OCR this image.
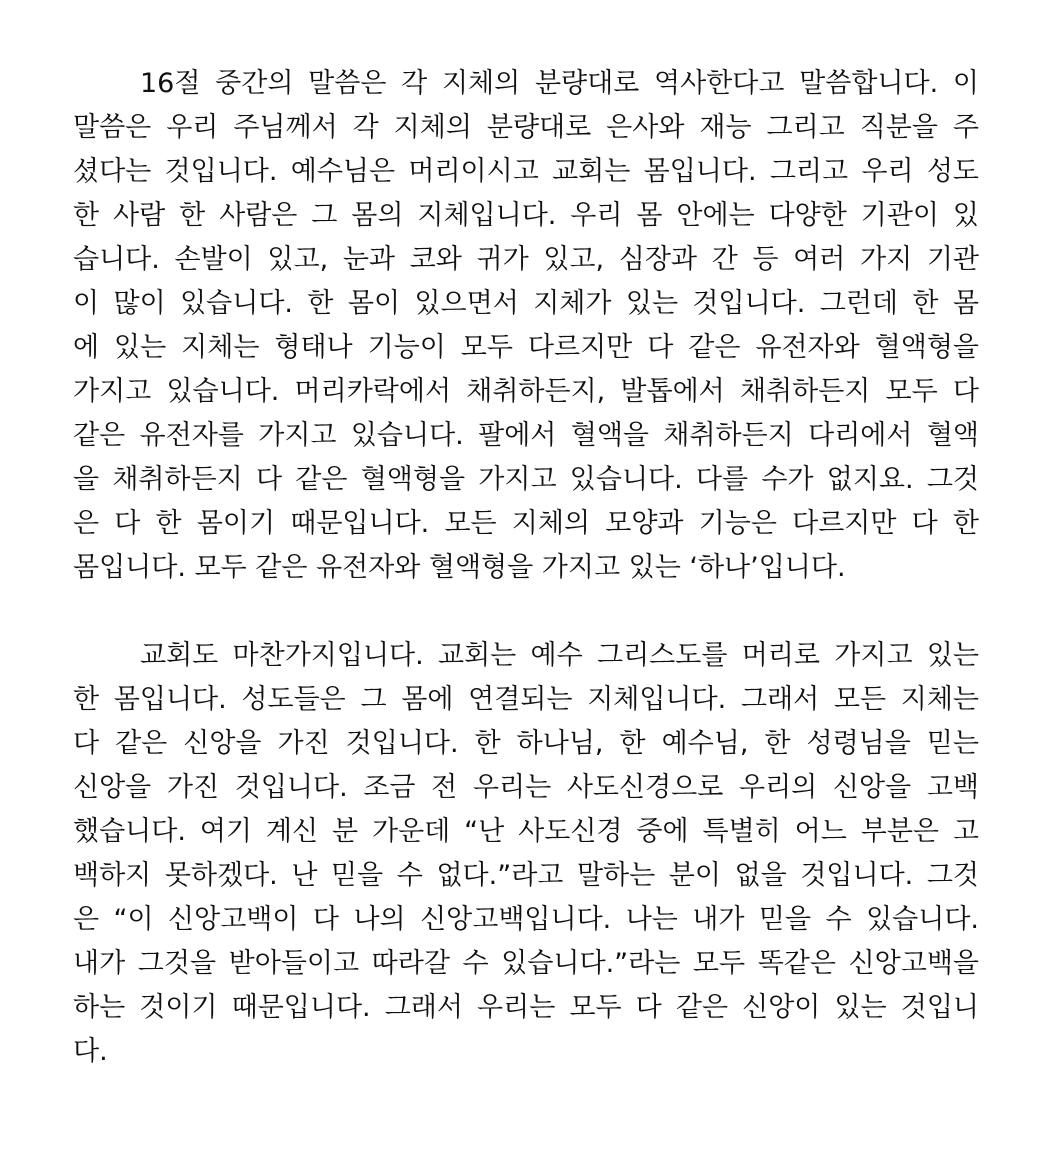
16절 중간의 말씀은 각 지체의 분량대로 역사한다고 말씀합니다. 이
말씀은 우리 주님께서 각 지체의 분량대로 은사와 재능 그리고 직분을 주
셨다는 것입니다. 예수님은 머리이시고 교회는 몸입니다. 그리고 우리 성도
한 사람 한 사람은 그 몸의 지체입니다. 우리 몸 안에는 다양한 기관이 있
습니다. 손발이 있고, 눈과 코와 귀가 있고, 심장과 간 등 여러 가지 기관
이 많이 있습니다. 한 몸이 있으면서 지체가 있는 것입니다. 그런데 한 몸
에 있는 지체는 형태나 기능이 모두 다르지만 다 같은 유전자와 혈액형을
가지고 있습니다. 머리카락에서 채취하든지, 발톱에서 채취하든지 모두 다
같은 유전자를 가지고 있습니다. 팔에서 혈액을 채취하든지 다리에서 혈액
을 채취하든지 다 같은 혈액형을 가지고 있습니다. 다를 수가 없지요. 그것
은 다 한 몸이기 때문입니다. 모든 지체의 모양과 기능은 다르지만 다 한
몸입니다. 모두 같은 유전자와 혈액형을 가지고 있는 ‘하나’입니다.
교회도 마찬가지입니다. 교회는 예수 그리스도를 머리로 가지고 있는
한 몸입니다. 성도들은 그 몸에 연결되는 지체입니다. 그래서 모든 지체는
다 같은 신앙을 가진 것입니다. 한 하나님, 한 예수님, 한 성령님을 믿는
신앙을 가진 것입니다. 조금 전 우리는 사도신경으로 우리의 신앙을 고백
했습니다. 여기 계신 분 가운데 “난 사도신경 중에 특별히 어느 부분은 고
백하지 못하겠다. 난 믿을 수 없다.”라고 말하는 분이 없을 것입니다. 그것
은 “이 신앙고백이 다 나의 신앙고백입니다. 나는 내가 믿을 수 있습니다.
내가 그것을 받아들이고 따라갈 수 있습니다.”라는 모두 똑같은 신앙고백을
하는 것이기 때문입니다. 그래서 우리는 모두 다 같은 신앙이 있는 것입니
다.
